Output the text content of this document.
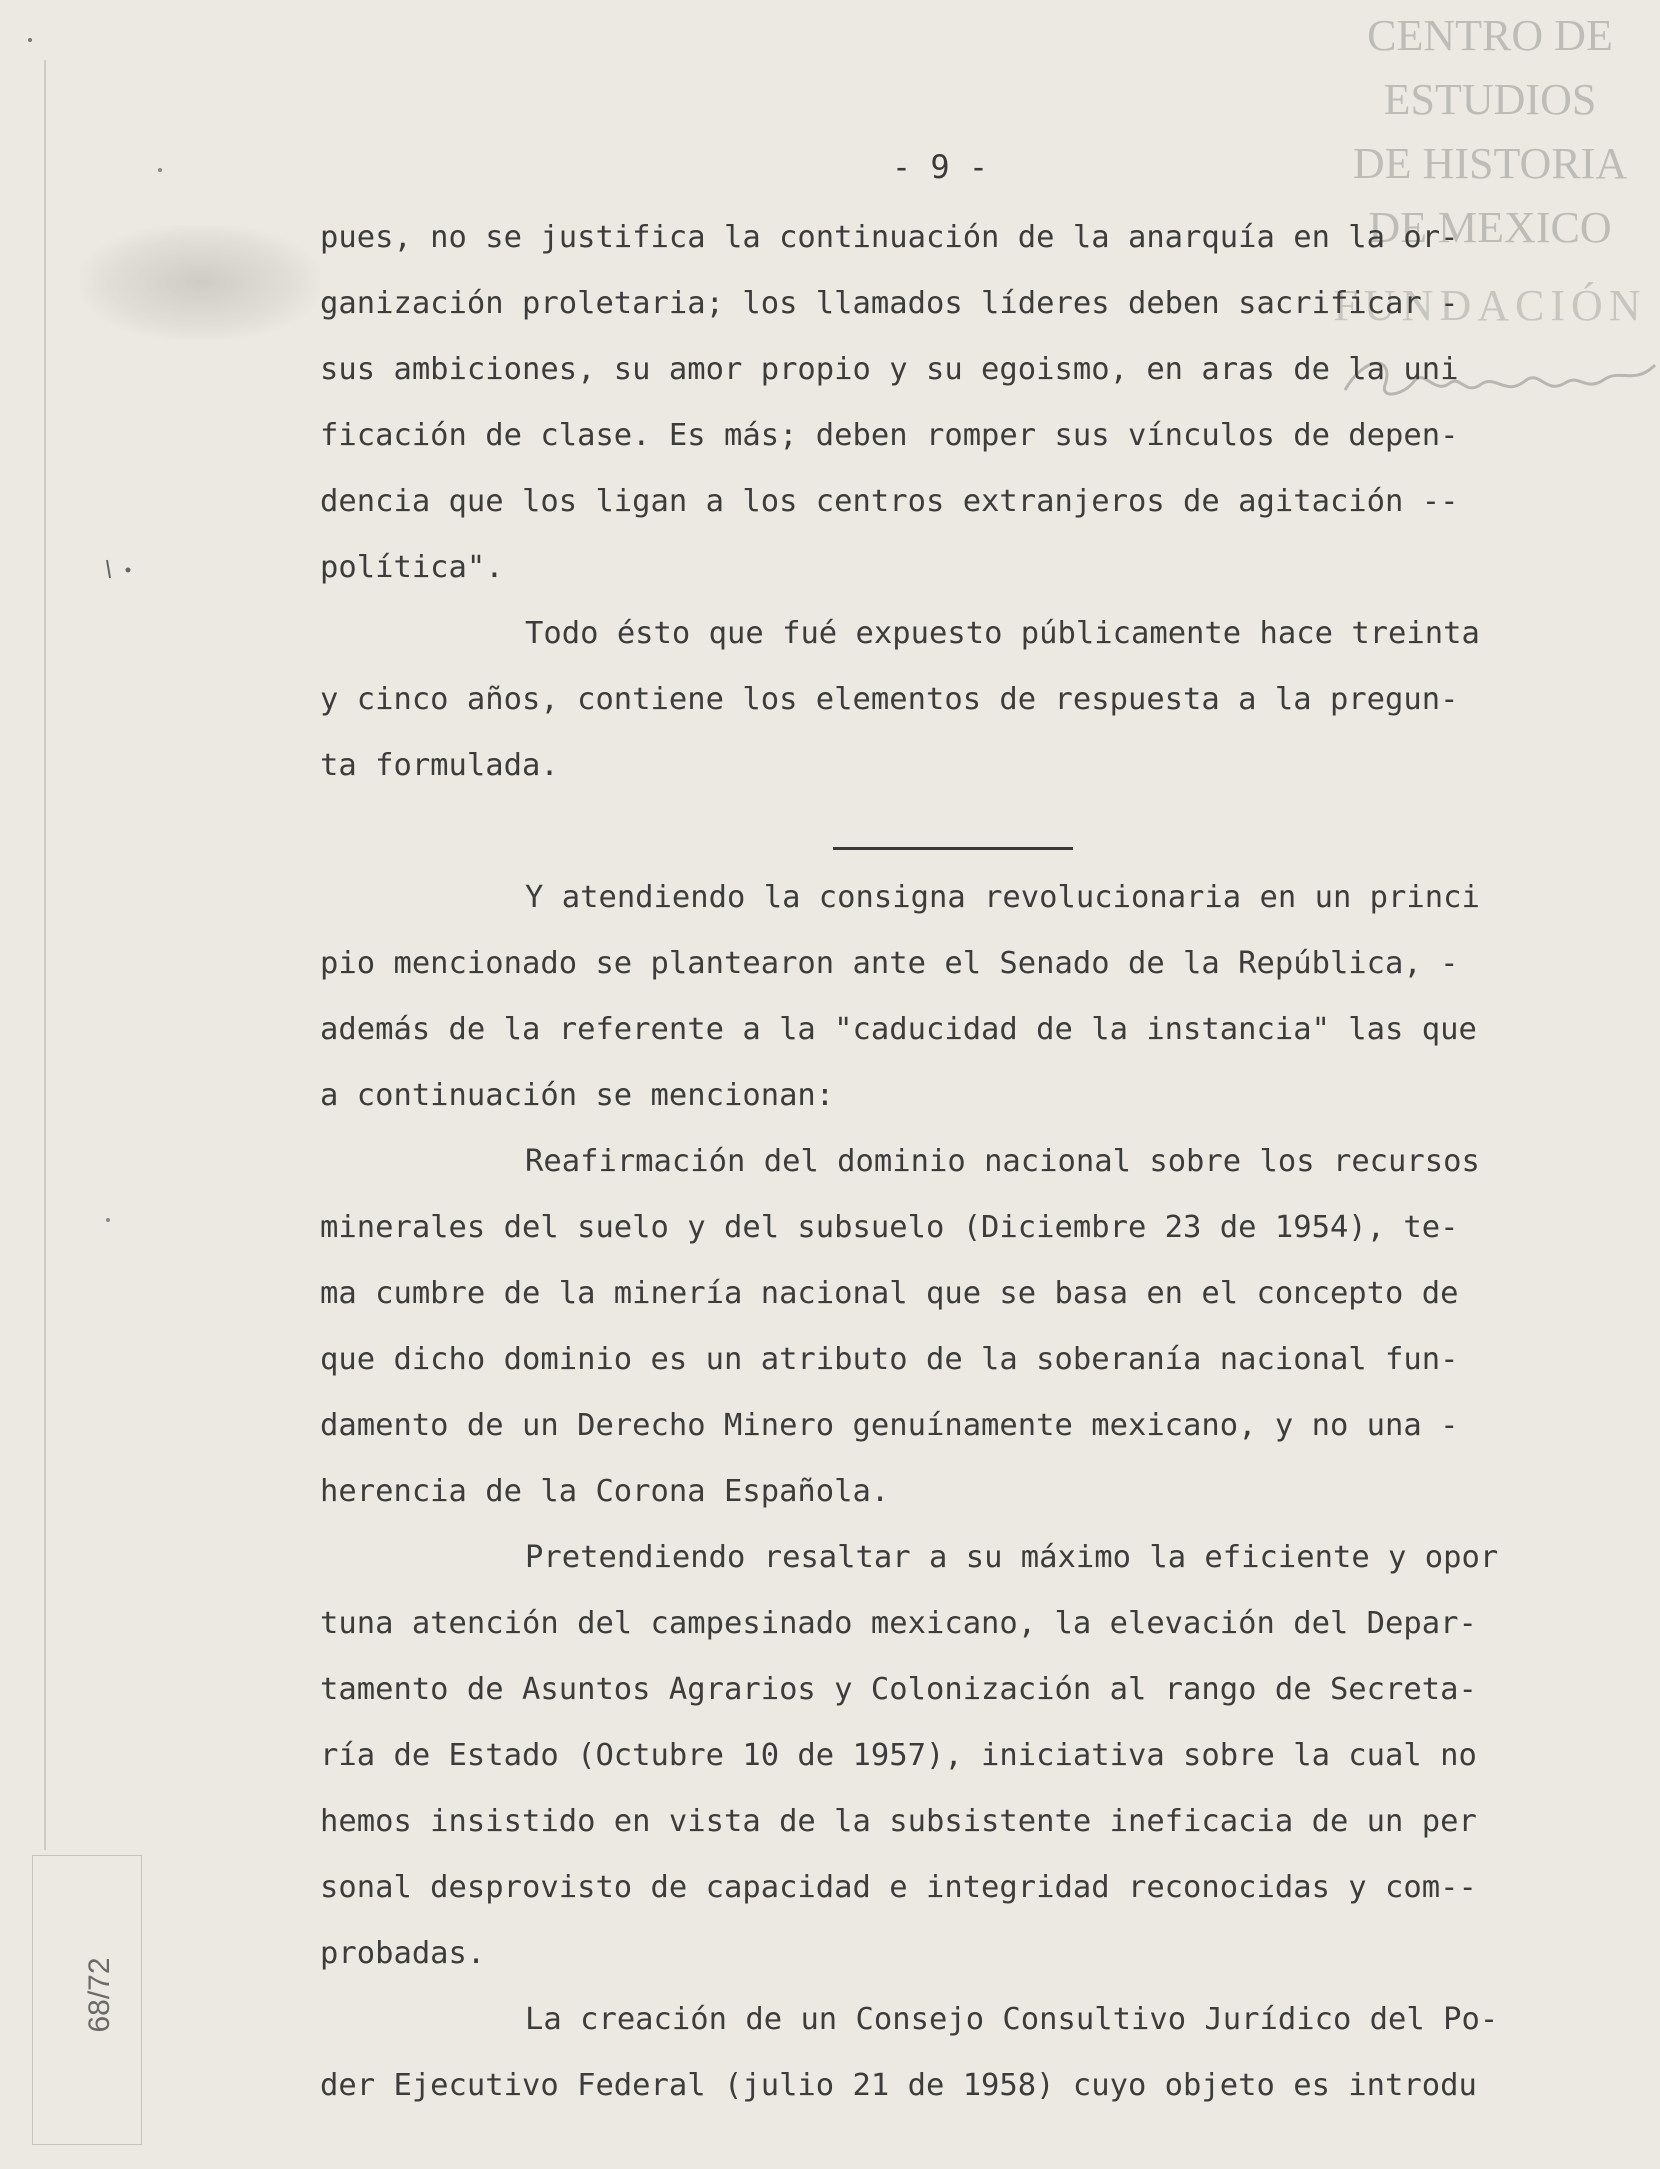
CENTRO DE
ESTUDIOS
DE HISTORIA
DE MEXICO
FUNDACIÓN
- 9 -
pues, no se justifica la continuación de la anarquía en la or-
ganización proletaria; los llamados líderes deben sacrificar -
sus ambiciones, su amor propio y su egoismo, en aras de la uni
ficación de clase. Es más; deben romper sus vínculos de depen-
dencia que los ligan a los centros extranjeros de agitación --
política".
Todo ésto que fué expuesto públicamente hace treinta
y cinco años, contiene los elementos de respuesta a la pregun-
ta formulada.
Y atendiendo la consigna revolucionaria en un princi
pio mencionado se plantearon ante el Senado de la República, -
además de la referente a la "caducidad de la instancia" las que
a continuación se mencionan:
Reafirmación del dominio nacional sobre los recursos
minerales del suelo y del subsuelo (Diciembre 23 de 1954), te-
ma cumbre de la minería nacional que se basa en el concepto de
que dicho dominio es un atributo de la soberanía nacional fun-
damento de un Derecho Minero genuínamente mexicano, y no una -
herencia de la Corona Española.
Pretendiendo resaltar a su máximo la eficiente y opor
tuna atención del campesinado mexicano, la elevación del Depar-
tamento de Asuntos Agrarios y Colonización al rango de Secreta-
ría de Estado (Octubre 10 de 1957), iniciativa sobre la cual no
hemos insistido en vista de la subsistente ineficacia de un per
sonal desprovisto de capacidad e integridad reconocidas y com--
probadas.
La creación de un Consejo Consultivo Jurídico del Po-
der Ejecutivo Federal (julio 21 de 1958) cuyo objeto es introdu
68/72
